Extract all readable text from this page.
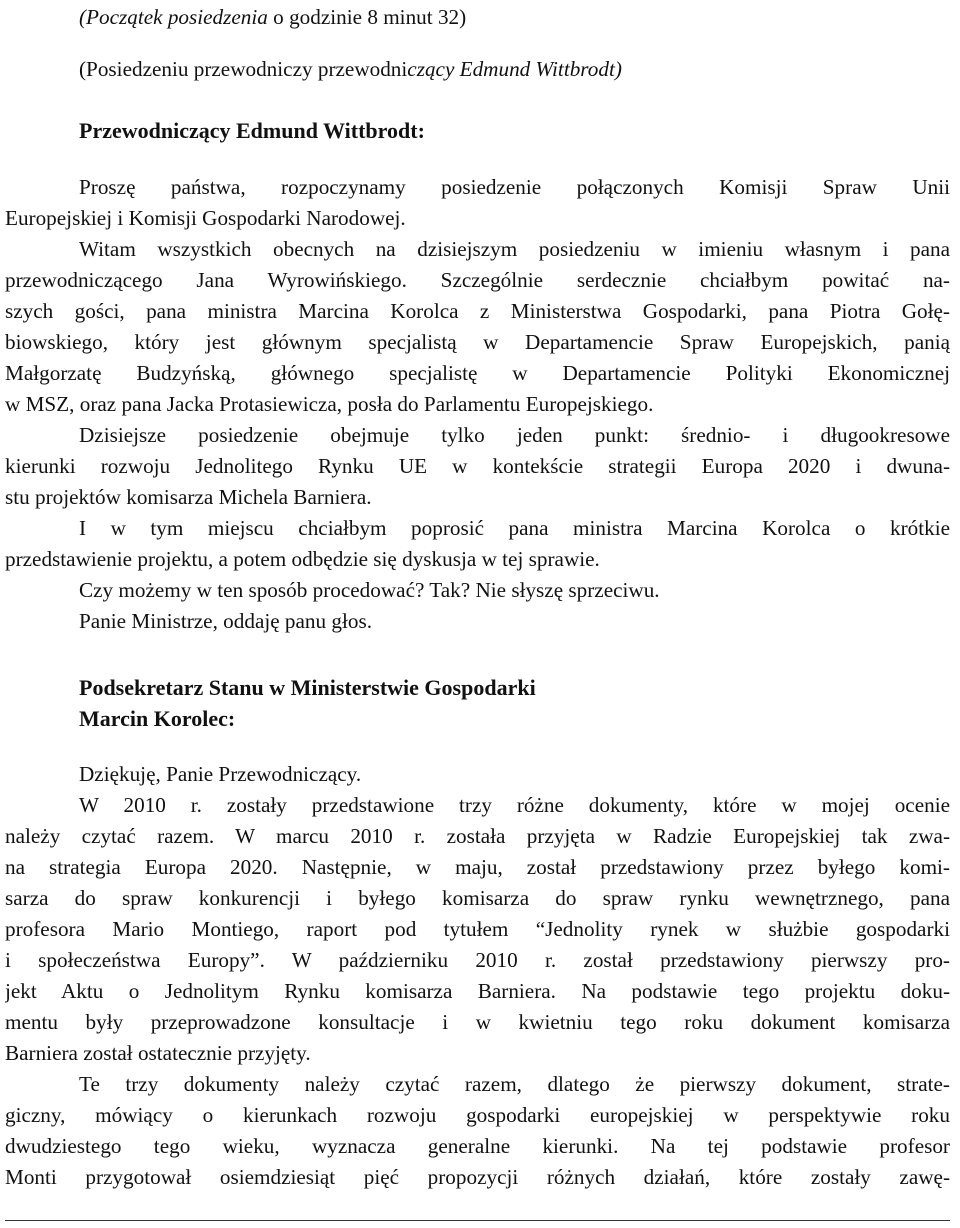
(Początek posiedzenia o godzinie 8 minut 32)
(Posiedzeniu przewodniczy przewodniczący Edmund Wittbrodt)
Przewodniczący Edmund Wittbrodt:
Proszę państwa, rozpoczynamy posiedzenie połączonych Komisji Spraw Unii
Europejskiej i Komisji Gospodarki Narodowej.
Witam wszystkich obecnych na dzisiejszym posiedzeniu w imieniu własnym i pana
przewodniczącego Jana Wyrowińskiego. Szczególnie serdecznie chciałbym powitać na-
szych gości, pana ministra Marcina Korolca z Ministerstwa Gospodarki, pana Piotra Gołę-
biowskiego, który jest głównym specjalistą w Departamencie Spraw Europejskich, panią
Małgorzatę Budzyńską, głównego specjalistę w Departamencie Polityki Ekonomicznej
w MSZ, oraz pana Jacka Protasiewicza, posła do Parlamentu Europejskiego.
Dzisiejsze posiedzenie obejmuje tylko jeden punkt: średnio- i długookresowe
kierunki rozwoju Jednolitego Rynku UE w kontekście strategii Europa 2020 i dwuna-
stu projektów komisarza Michela Barniera.
I w tym miejscu chciałbym poprosić pana ministra Marcina Korolca o krótkie
przedstawienie projektu, a potem odbędzie się dyskusja w tej sprawie.
Czy możemy w ten sposób procedować? Tak? Nie słyszę sprzeciwu.
Panie Ministrze, oddaję panu głos.
Podsekretarz Stanu w Ministerstwie Gospodarki
Marcin Korolec:
Dziękuję, Panie Przewodniczący.
W 2010 r. zostały przedstawione trzy różne dokumenty, które w mojej ocenie
należy czytać razem. W marcu 2010 r. została przyjęta w Radzie Europejskiej tak zwa-
na strategia Europa 2020. Następnie, w maju, został przedstawiony przez byłego komi-
sarza do spraw konkurencji i byłego komisarza do spraw rynku wewnętrznego, pana
profesora Mario Montiego, raport pod tytułem “Jednolity rynek w służbie gospodarki
i społeczeństwa Europy”. W październiku 2010 r. został przedstawiony pierwszy pro-
jekt Aktu o Jednolitym Rynku komisarza Barniera. Na podstawie tego projektu doku-
mentu były przeprowadzone konsultacje i w kwietniu tego roku dokument komisarza
Barniera został ostatecznie przyjęty.
Te trzy dokumenty należy czytać razem, dlatego że pierwszy dokument, strate-
giczny, mówiący o kierunkach rozwoju gospodarki europejskiej w perspektywie roku
dwudziestego tego wieku, wyznacza generalne kierunki. Na tej podstawie profesor
Monti przygotował osiemdziesiąt pięć propozycji różnych działań, które zostały zawę-
